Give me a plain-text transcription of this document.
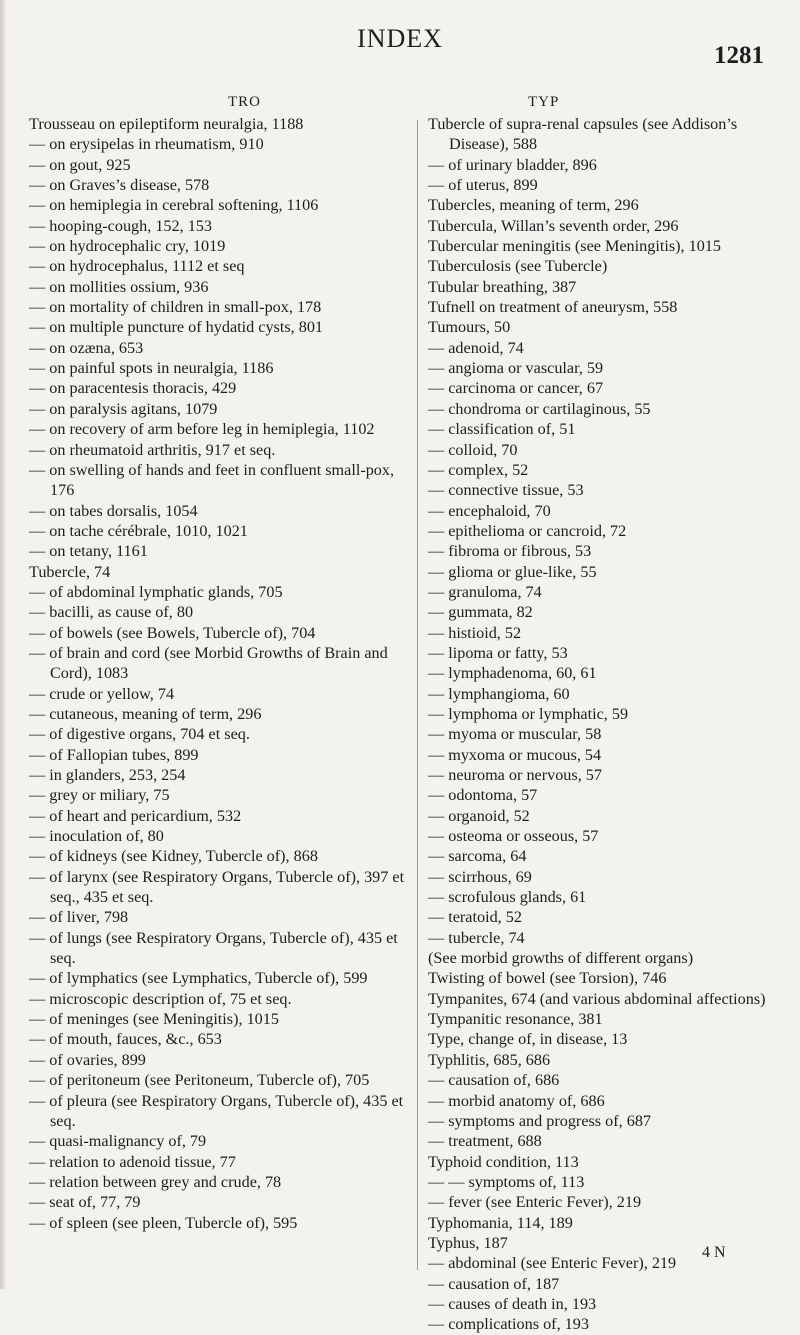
INDEX
1281
TRO	TYP
Trousseau on epileptiform neuralgia, 1188
— on erysipelas in rheumatism, 910
— on gout, 925
— on Graves’s disease, 578
— on hemiplegia in cerebral softening, 1106
— hooping-cough, 152, 153
— on hydrocephalic cry, 1019
— on hydrocephalus, 1112 et seq
— on mollities ossium, 936
— on mortality of children in small-pox, 178
— on multiple puncture of hydatid cysts, 801
— on ozæna, 653
— on painful spots in neuralgia, 1186
— on paracentesis thoracis, 429
— on paralysis agitans, 1079
— on recovery of arm before leg in hemiplegia, 1102
— on rheumatoid arthritis, 917 et seq.
— on swelling of hands and feet in confluent small-pox, 176
— on tabes dorsalis, 1054
— on tache cérébrale, 1010, 1021
— on tetany, 1161
Tubercle, 74
— of abdominal lymphatic glands, 705
— bacilli, as cause of, 80
— of bowels (see Bowels, Tubercle of), 704
— of brain and cord (see Morbid Growths of Brain and Cord), 1083
— crude or yellow, 74
— cutaneous, meaning of term, 296
— of digestive organs, 704 et seq.
— of Fallopian tubes, 899
— in glanders, 253, 254
— grey or miliary, 75
— of heart and pericardium, 532
— inoculation of, 80
— of kidneys (see Kidney, Tubercle of), 868
— of larynx (see Respiratory Organs, Tubercle of), 397 et seq., 435 et seq.
— of liver, 798
— of lungs (see Respiratory Organs, Tubercle of), 435 et seq.
— of lymphatics (see Lymphatics, Tubercle of), 599
— microscopic description of, 75 et seq.
— of meninges (see Meningitis), 1015
— of mouth, fauces, &c., 653
— of ovaries, 899
— of peritoneum (see Peritoneum, Tubercle of), 705
— of pleura (see Respiratory Organs, Tubercle of), 435 et seq.
— quasi-malignancy of, 79
— relation to adenoid tissue, 77
— relation between grey and crude, 78
— seat of, 77, 79
— of spleen (see pleen, Tubercle of), 595
Tubercle of supra-renal capsules (see Addison’s Disease), 588
— of urinary bladder, 896
— of uterus, 899
Tubercles, meaning of term, 296
Tubercula, Willan’s seventh order, 296
Tubercular meningitis (see Meningitis), 1015
Tuberculosis (see Tubercle)
Tubular breathing, 387
Tufnell on treatment of aneurysm, 558
Tumours, 50
— adenoid, 74
— angioma or vascular, 59
— carcinoma or cancer, 67
— chondroma or cartilaginous, 55
— classification of, 51
— colloid, 70
— complex, 52
— connective tissue, 53
— encephaloid, 70
— epithelioma or cancroid, 72
— fibroma or fibrous, 53
— glioma or glue-like, 55
— granuloma, 74
— gummata, 82
— histioid, 52
— lipoma or fatty, 53
— lymphadenoma, 60, 61
— lymphangioma, 60
— lymphoma or lymphatic, 59
— myoma or muscular, 58
— myxoma or mucous, 54
— neuroma or nervous, 57
— odontoma, 57
— organoid, 52
— osteoma or osseous, 57
— sarcoma, 64
— scirrhous, 69
— scrofulous glands, 61
— teratoid, 52
— tubercle, 74
(See morbid growths of different organs)
Twisting of bowel (see Torsion), 746
Tympanites, 674 (and various abdominal affections)
Tympanitic resonance, 381
Type, change of, in disease, 13
Typhlitis, 685, 686
— causation of, 686
— morbid anatomy of, 686
— symptoms and progress of, 687
— treatment, 688
Typhoid condition, 113
— — symptoms of, 113
— fever (see Enteric Fever), 219
Typhomania, 114, 189
Typhus, 187
— abdominal (see Enteric Fever), 219
— causation of, 187
— causes of death in, 193
— complications of, 193
4 N
